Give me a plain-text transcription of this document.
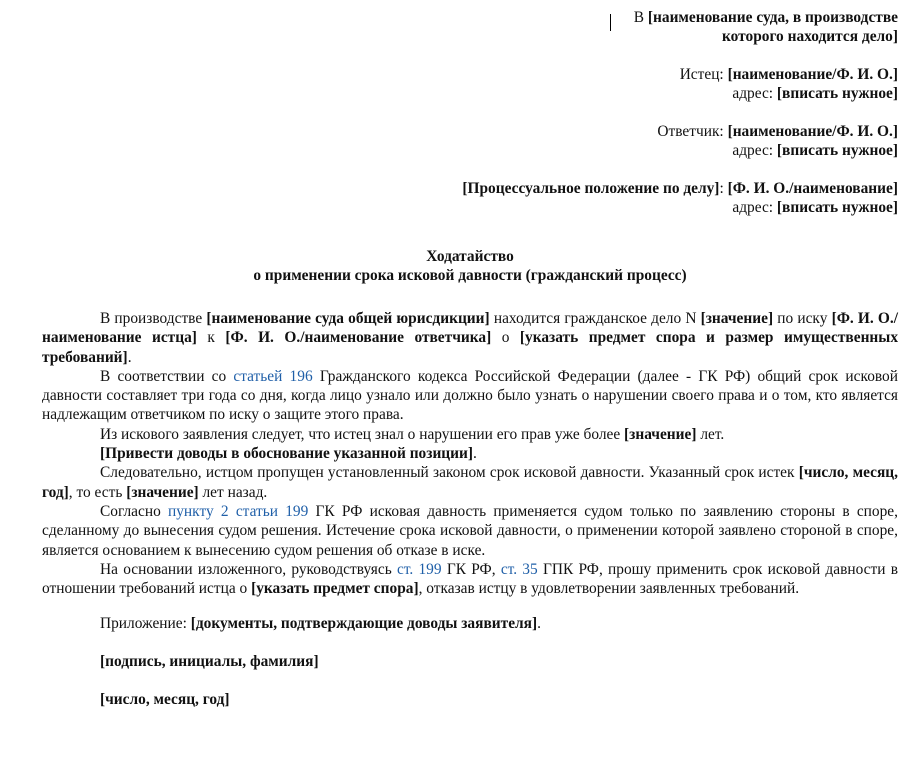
В [наименование суда, в производстве
которого находится дело]
Истец: [наименование/Ф. И. О.]
адрес: [вписать нужное]
Ответчик: [наименование/Ф. И. О.]
адрес: [вписать нужное]
[Процессуальное положение по делу]: [Ф. И. О./наименование]
адрес: [вписать нужное]
Ходатайство
о применении срока исковой давности (гражданский процесс)

В производстве [наименование суда общей юрисдикции] находится гражданское дело N [значение] по иску [Ф. И. О./наименование истца] к [Ф. И. О./наименование ответчика] о [указать предмет спора и размер имущественных требований].

В соответствии со статьей 196 Гражданского кодекса Российской Федерации (далее - ГК РФ) общий срок исковой давности составляет три года со дня, когда лицо узнало или должно было узнать о нарушении своего права и о том, кто является надлежащим ответчиком по иску о защите этого права.

Из искового заявления следует, что истец знал о нарушении его прав уже более [значение] лет.

[Привести доводы в обоснование указанной позиции].

Следовательно, истцом пропущен установленный законом срок исковой давности. Указанный срок истек [число, месяц, год], то есть [значение] лет назад.

Согласно пункту 2 статьи 199 ГК РФ исковая давность применяется судом только по заявлению стороны в споре, сделанному до вынесения судом решения. Истечение срока исковой давности, о применении которой заявлено стороной в споре, является основанием к вынесению судом решения об отказе в иске.

На основании изложенного, руководствуясь ст. 199 ГК РФ, ст. 35 ГПК РФ, прошу применить срок исковой давности в отношении требований истца о [указать предмет спора], отказав истцу в удовлетворении заявленных требований.

Приложение: [документы, подтверждающие доводы заявителя].

[подпись, инициалы, фамилия]

[число, месяц, год]
